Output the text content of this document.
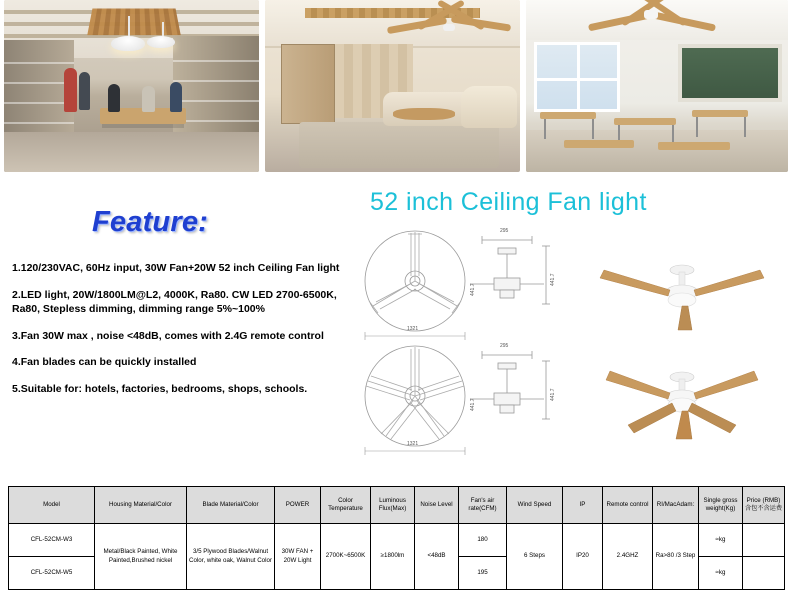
52 inch Ceiling Fan light
Feature:
1.120/230VAC, 60Hz input, 30W Fan+20W 52 inch Ceiling Fan light
2.LED light, 20W/1800LM@L2, 4000K, Ra80. CW LED 2700-6500K, Ra80, Stepless dimming, dimming range 5%~100%
3.Fan 30W max , noise <48dB, comes with 2.4G remote control
4.Fan blades can be quickly installed
5.Suitable for: hotels, factories, bedrooms, shops, schools.
1321
441.7
295
441.7
1321
441.7
295
441.7
Model	Housing Material/Color	Blade Material/Color	POWER	Color Temperature	Luminous Flux(Max)	Noise Level	Fan's air rate(CFM)	Wind Speed	IP	Remote control	RI/MacAdam:	Single gross weight(Kg)	Price (RMB) 含包不含运费
CFL-52CM-W3	Metal/Black Painted, White Painted,Brushed nickel	3/5 Plywood Blades/Walnut Color, white oak, Walnut Color	30W FAN + 20W Light	2700K~6500K	≥1800lm	<48dB	180	6 Steps	IP20	2.4GHZ	Ra>80 /3 Step	≈kg	
CFL-52CM-W5							195					≈kg	
